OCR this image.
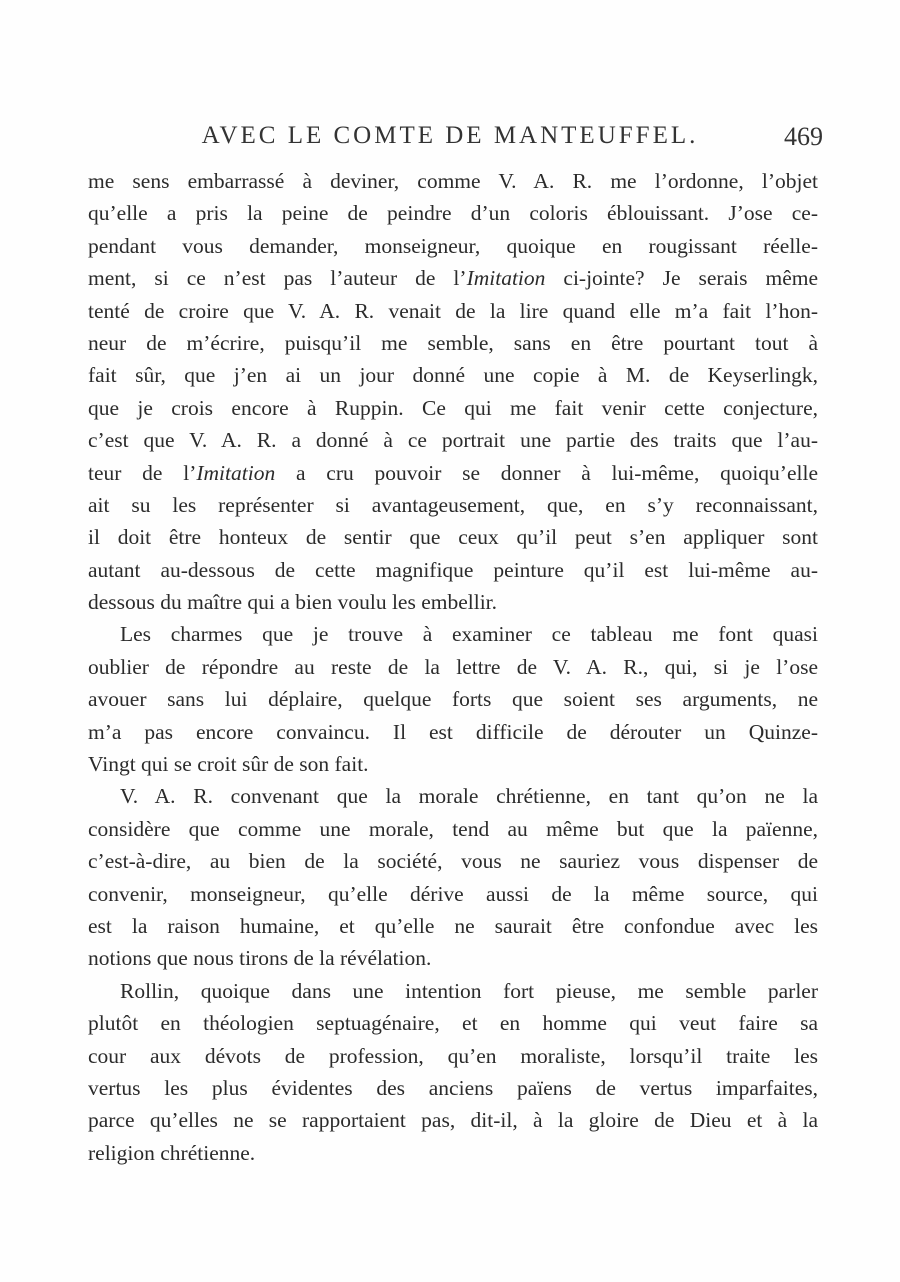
AVEC LE COMTE DE MANTEUFFEL.	469
me sens embarrassé à deviner, comme V. A. R. me l’ordonne, l’objet
qu’elle a pris la peine de peindre d’un coloris éblouissant. J’ose ce-
pendant vous demander, monseigneur, quoique en rougissant réelle-
ment, si ce n’est pas l’auteur de l’Imitation ci-jointe? Je serais même
tenté de croire que V. A. R. venait de la lire quand elle m’a fait l’hon-
neur de m’écrire, puisqu’il me semble, sans en être pourtant tout à
fait sûr, que j’en ai un jour donné une copie à M. de Keyserlingk,
que je crois encore à Ruppin. Ce qui me fait venir cette conjecture,
c’est que V. A. R. a donné à ce portrait une partie des traits que l’au-
teur de l’Imitation a cru pouvoir se donner à lui-même, quoiqu’elle
ait su les représenter si avantageusement, que, en s’y reconnaissant,
il doit être honteux de sentir que ceux qu’il peut s’en appliquer sont
autant au-dessous de cette magnifique peinture qu’il est lui-même au-
dessous du maître qui a bien voulu les embellir.
Les charmes que je trouve à examiner ce tableau me font quasi
oublier de répondre au reste de la lettre de V. A. R., qui, si je l’ose
avouer sans lui déplaire, quelque forts que soient ses arguments, ne
m’a pas encore convaincu. Il est difficile de dérouter un Quinze-
Vingt qui se croit sûr de son fait.
V. A. R. convenant que la morale chrétienne, en tant qu’on ne la
considère que comme une morale, tend au même but que la païenne,
c’est-à-dire, au bien de la société, vous ne sauriez vous dispenser de
convenir, monseigneur, qu’elle dérive aussi de la même source, qui
est la raison humaine, et qu’elle ne saurait être confondue avec les
notions que nous tirons de la révélation.
Rollin, quoique dans une intention fort pieuse, me semble parler
plutôt en théologien septuagénaire, et en homme qui veut faire sa
cour aux dévots de profession, qu’en moraliste, lorsqu’il traite les
vertus les plus évidentes des anciens païens de vertus imparfaites,
parce qu’elles ne se rapportaient pas, dit-il, à la gloire de Dieu et à la
religion chrétienne.
